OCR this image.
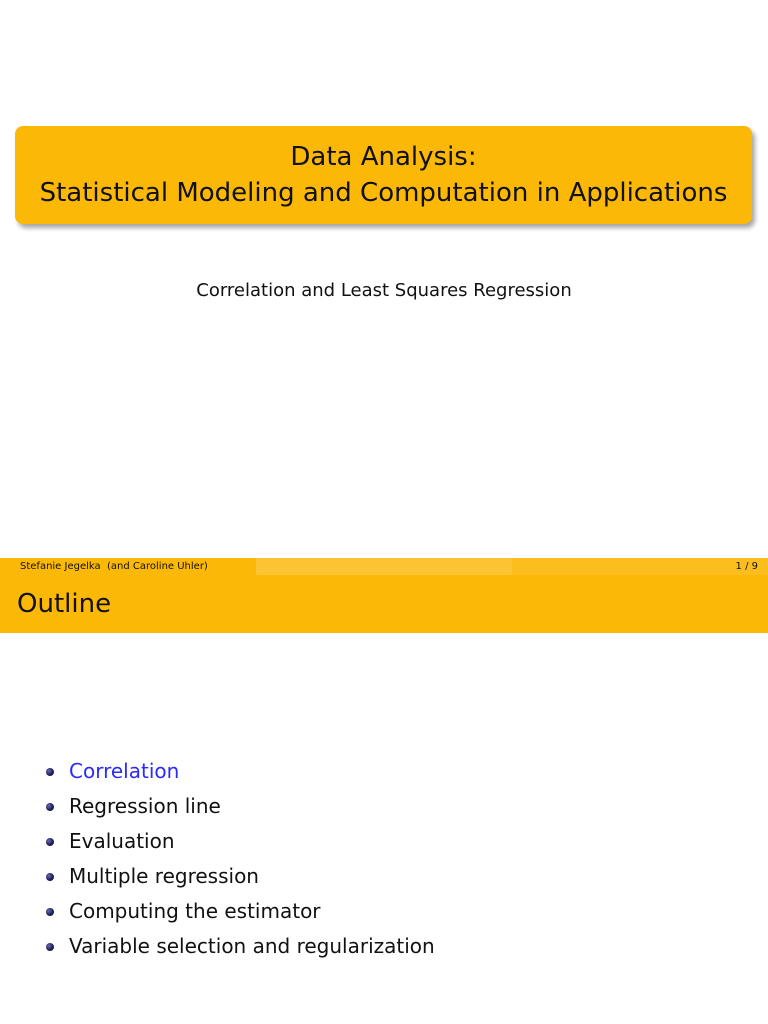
Data Analysis:
Statistical Modeling and Computation in Applications
Correlation and Least Squares Regression
Stefanie Jegelka  (and Caroline Uhler)	1 / 9
Outline
Correlation
Regression line
Evaluation
Multiple regression
Computing the estimator
Variable selection and regularization
